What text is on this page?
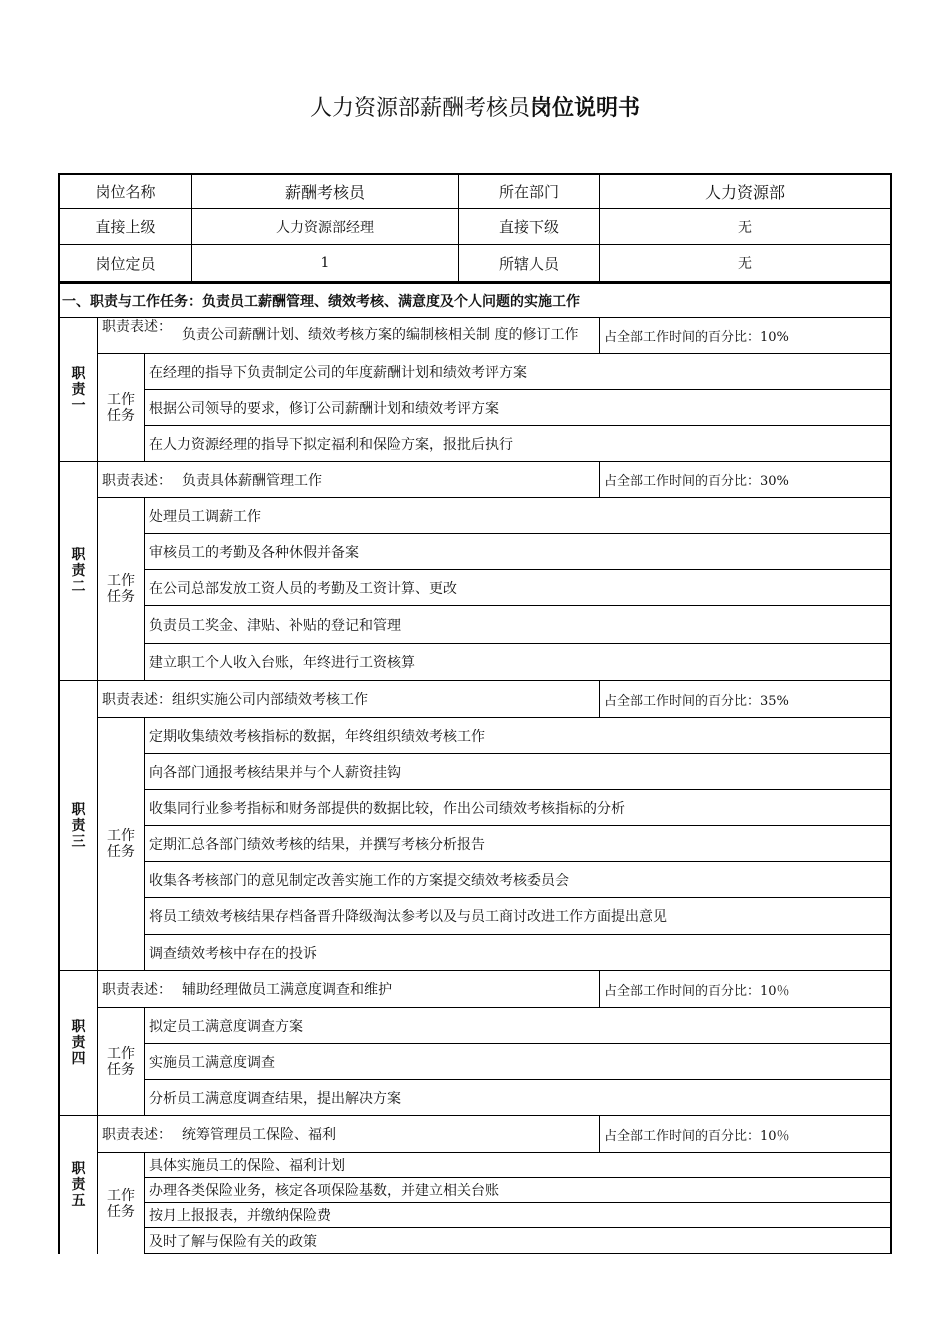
人力资源部薪酬考核员岗位说明书
岗位名称	薪酬考核员	所在部门	人力资源部
直接上级	人力资源部经理	直接下级	无
岗位定员	1	所辖人员	无
一、职责与工作任务：负责员工薪酬管理、绩效考核、满意度及个人问题的实施工作
职
责
一
职责表述： 负责公司薪酬计划、绩效考核方案的编制核相关制 度的修订工作	占全部工作时间的百分比：10%
工作
任务
在经理的指导下负责制定公司的年度薪酬计划和绩效考评方案
根据公司领导的要求，修订公司薪酬计划和绩效考评方案
在人力资源经理的指导下拟定福利和保险方案，报批后执行
职
责
二
职责表述： 负责具体薪酬管理工作	占全部工作时间的百分比：30%
工作
任务
处理员工调薪工作
审核员工的考勤及各种休假并备案
在公司总部发放工资人员的考勤及工资计算、更改
负责员工奖金、津贴、补贴的登记和管理
建立职工个人收入台账，年终进行工资核算
职
责
三
职责表述： 组织实施公司内部绩效考核工作	占全部工作时间的百分比：35%
工作
任务
定期收集绩效考核指标的数据，年终组织绩效考核工作
向各部门通报考核结果并与个人薪资挂钩
收集同行业参考指标和财务部提供的数据比较，作出公司绩效考核指标的分析
定期汇总各部门绩效考核的结果，并撰写考核分析报告
收集各考核部门的意见制定改善实施工作的方案提交绩效考核委员会
将员工绩效考核结果存档备晋升降级淘汰参考以及与员工商讨改进工作方面提出意见
调查绩效考核中存在的投诉
职
责
四
职责表述： 辅助经理做员工满意度调查和维护	占全部工作时间的百分比：10％
工作
任务
拟定员工满意度调查方案
实施员工满意度调查
分析员工满意度调查结果，提出解决方案
职
责
五
职责表述： 统筹管理员工保险、福利	占全部工作时间的百分比：10％
工作
任务
具体实施员工的保险、福利计划
办理各类保险业务，核定各项保险基数，并建立相关台账
按月上报报表，并缴纳保险费
及时了解与保险有关的政策
